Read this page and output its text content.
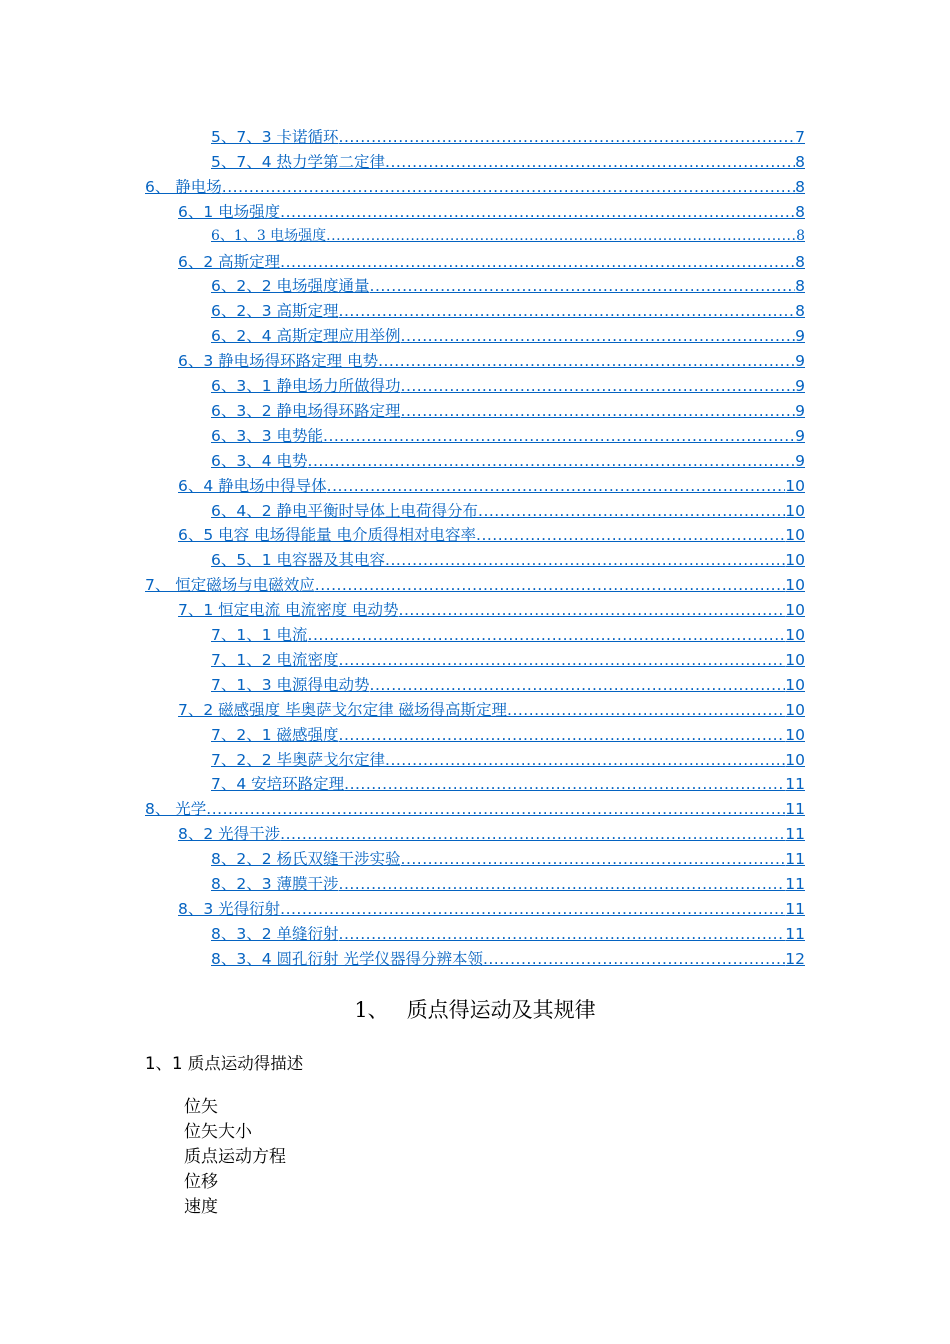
5、7、3 卡诺循环 .....	7
5、7、4 热力学第二定律 .....	8
6、 静电场 .....	8
6、1 电场强度 .....	8
6、1、3 电场强度 .....	8
6、2 高斯定理 .....	8
6、2、2 电场强度通量 .....	8
6、2、3 高斯定理 .....	8
6、2、4 高斯定理应用举例 .....	9
6、3 静电场得环路定理 电势 .....	9
6、3、1 静电场力所做得功 .....	9
6、3、2 静电场得环路定理 .....	9
6、3、3 电势能 .....	9
6、3、4 电势 .....	9
6、4 静电场中得导体 .....	10
6、4、2 静电平衡时导体上电荷得分布 .....	10
6、5 电容 电场得能量 电介质得相对电容率 .....	10
6、5、1 电容器及其电容 .....	10
7、 恒定磁场与电磁效应 .....	10
7、1 恒定电流 电流密度 电动势 .....	10
7、1、1 电流 .....	10
7、1、2 电流密度 .....	10
7、1、3 电源得电动势 .....	10
7、2 磁感强度 毕奥萨戈尔定律 磁场得高斯定理 .....	10
7、2、1 磁感强度 .....	10
7、2、2 毕奥萨戈尔定律 .....	10
7、4 安培环路定理 .....	11
8、 光学 .....	11
8、2 光得干涉 .....	11
8、2、2 杨氏双缝干涉实验 .....	11
8、2、3 薄膜干涉 .....	11
8、3 光得衍射 .....	11
8、3、2 单缝衍射 .....	11
8、3、4 圆孔衍射 光学仪器得分辨本领 .....	12
1、 质点得运动及其规律
1、1 质点运动得描述
位矢
位矢大小
质点运动方程
位移
速度
